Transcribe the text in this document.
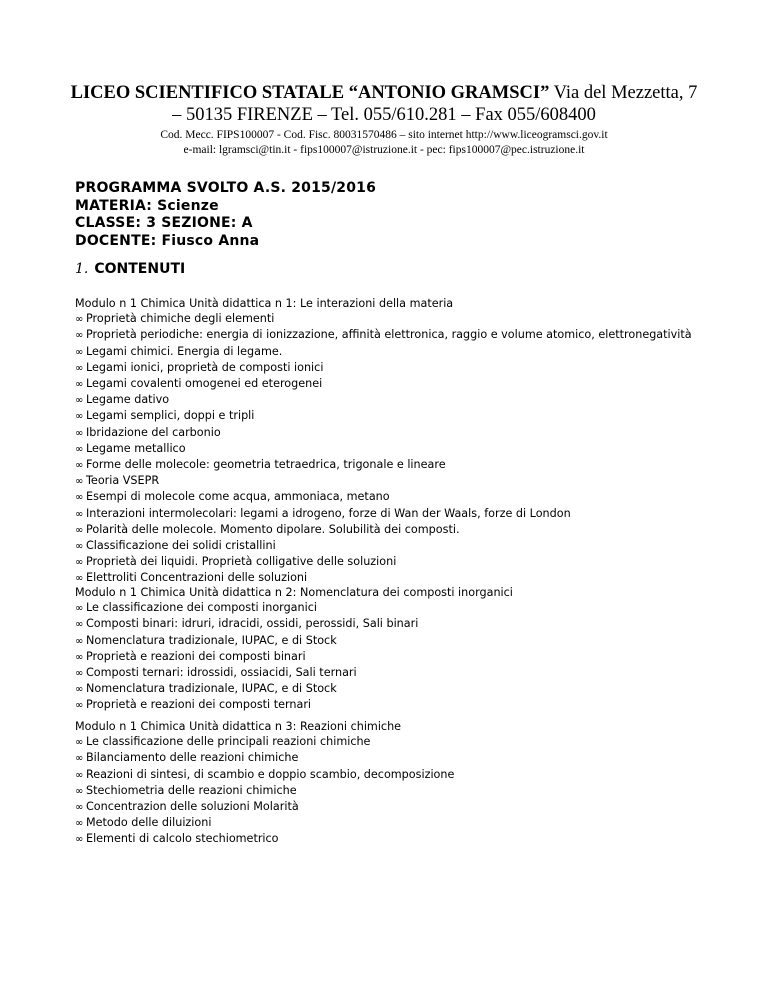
LICEO SCIENTIFICO STATALE “ANTONIO GRAMSCI” Via del Mezzetta, 7
– 50135 FIRENZE – Tel. 055/610.281 – Fax 055/608400
Cod. Mecc. FIPS100007 - Cod. Fisc. 80031570486 – sito internet http://www.liceogramsci.gov.it
e-mail: lgramsci@tin.it - fips100007@istruzione.it - pec: fips100007@pec.istruzione.it
PROGRAMMA SVOLTO A.S. 2015/2016
MATERIA: Scienze
CLASSE: 3 SEZIONE: A
DOCENTE: Fiusco Anna
1. CONTENUTI
Modulo n 1 Chimica Unità didattica n 1: Le interazioni della materia
∞ Proprietà chimiche degli elementi
∞ Proprietà periodiche: energia di ionizzazione, affinità elettronica, raggio e volume atomico, elettronegatività
∞ Legami chimici. Energia di legame.
∞ Legami ionici, proprietà de composti ionici
∞ Legami covalenti omogenei ed eterogenei
∞ Legame dativo
∞ Legami semplici, doppi e tripli
∞ Ibridazione del carbonio
∞ Legame metallico
∞ Forme delle molecole: geometria tetraedrica, trigonale e lineare
∞ Teoria VSEPR
∞ Esempi di molecole come acqua, ammoniaca, metano
∞ Interazioni intermolecolari: legami a idrogeno, forze di Wan der Waals, forze di London
∞ Polarità delle molecole. Momento dipolare. Solubilità dei composti.
∞ Classificazione dei solidi cristallini
∞ Proprietà dei liquidi. Proprietà colligative delle soluzioni
∞ Elettroliti Concentrazioni delle soluzioni
Modulo n 1 Chimica Unità didattica n 2: Nomenclatura dei composti inorganici
∞ Le classificazione dei composti inorganici
∞ Composti binari: idruri, idracidi, ossidi, perossidi, Sali binari
∞ Nomenclatura tradizionale, IUPAC, e di Stock
∞ Proprietà e reazioni dei composti binari
∞ Composti ternari: idrossidi, ossiacidi, Sali ternari
∞ Nomenclatura tradizionale, IUPAC, e di Stock
∞ Proprietà e reazioni dei composti ternari
Modulo n 1 Chimica Unità didattica n 3: Reazioni chimiche
∞ Le classificazione delle principali reazioni chimiche
∞ Bilanciamento delle reazioni chimiche
∞ Reazioni di sintesi, di scambio e doppio scambio, decomposizione
∞ Stechiometria delle reazioni chimiche
∞ Concentrazion delle soluzioni Molarità
∞ Metodo delle diluizioni
∞ Elementi di calcolo stechiometrico
